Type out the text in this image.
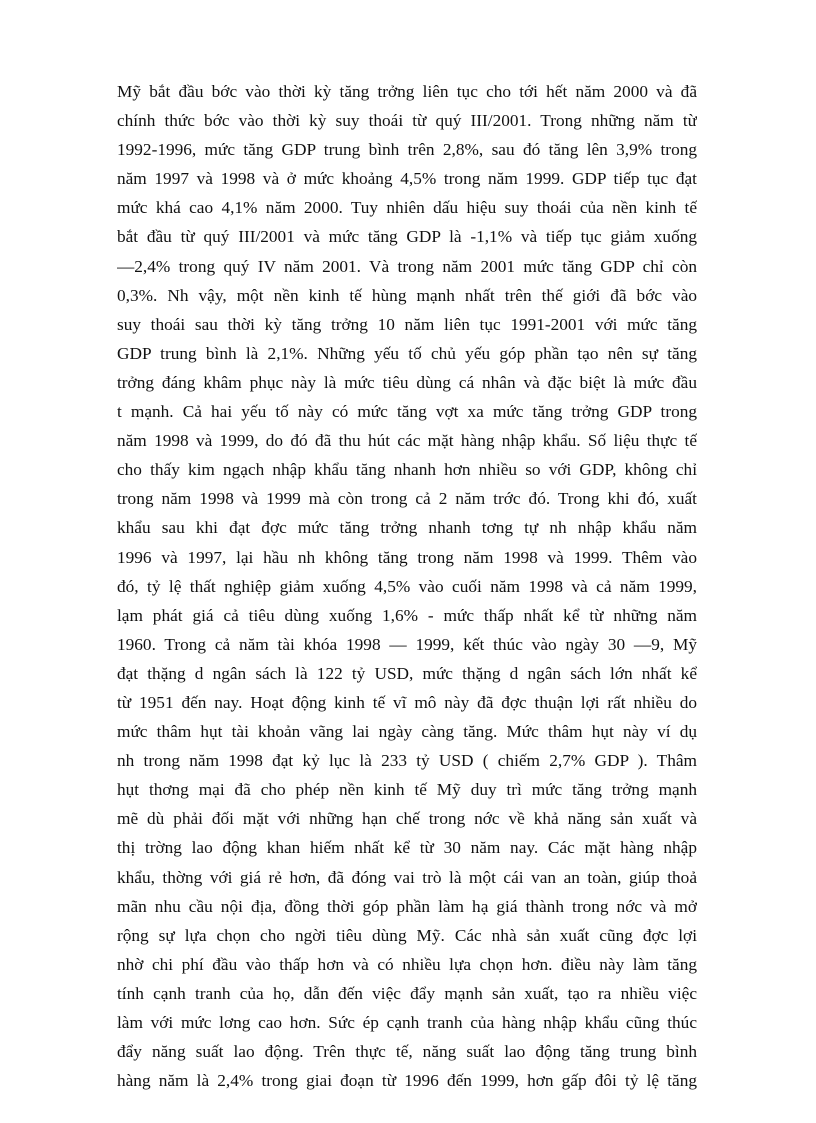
Mỹ bắt đầu bớc vào thời kỳ tăng trởng liên tục cho tới hết năm 2000 và đã
chính thức bớc vào thời kỳ suy thoái từ quý III/2001. Trong những năm từ
1992-1996, mức tăng GDP trung bình trên 2,8%, sau đó tăng lên 3,9% trong
năm 1997 và 1998 và ở mức khoảng 4,5% trong năm 1999. GDP tiếp tục đạt
mức khá cao 4,1% năm 2000. Tuy nhiên dấu hiệu suy thoái của nền kinh tế
bắt đầu từ quý III/2001 và mức tăng GDP là -1,1% và tiếp tục giảm xuống
—2,4% trong quý IV năm 2001. Và trong năm 2001 mức tăng GDP chỉ còn
0,3%. Nh vậy, một nền kinh tế hùng mạnh nhất trên thế giới đã bớc vào
suy thoái sau thời kỳ tăng trởng 10 năm liên tục 1991-2001 với mức tăng
GDP trung bình là 2,1%. Những yếu tố chủ yếu góp phần tạo nên sự tăng
trởng đáng khâm phục này là mức tiêu dùng cá nhân và đặc biệt là mức đầu
t mạnh. Cả hai yếu tố này có mức tăng vợt xa mức tăng trởng GDP trong
năm 1998 và 1999, do đó đã thu hút các mặt hàng nhập khẩu. Số liệu thực tế
cho thấy kim ngạch nhập khẩu tăng nhanh hơn nhiều so với GDP, không chỉ
trong năm 1998 và 1999 mà còn trong cả 2 năm trớc đó. Trong khi đó, xuất
khẩu sau khi đạt đợc mức tăng trởng nhanh tơng tự nh nhập khẩu năm
1996 và 1997, lại hầu nh không tăng trong năm 1998 và 1999. Thêm vào
đó, tỷ lệ thất nghiệp giảm xuống 4,5% vào cuối năm 1998 và cả năm 1999,
lạm phát giá cả tiêu dùng xuống 1,6% - mức thấp nhất kể từ những năm
1960. Trong cả năm tài khóa 1998 — 1999, kết thúc vào ngày 30 —9, Mỹ
đạt thặng d ngân sách là 122 tỷ USD, mức thặng d ngân sách lớn nhất kể
từ 1951 đến nay. Hoạt động kinh tế vĩ mô này đã đợc thuận lợi rất nhiều do
mức thâm hụt tài khoản vãng lai ngày càng tăng. Mức thâm hụt này ví dụ
nh trong năm 1998 đạt kỷ lục là 233 tỷ USD ( chiếm 2,7% GDP ). Thâm
hụt thơng mại đã cho phép nền kinh tế Mỹ duy trì mức tăng trởng mạnh
mẽ dù phải đối mặt với những hạn chế trong nớc về khả năng sản xuất và
thị trờng lao động khan hiếm nhất kể từ 30 năm nay. Các mặt hàng nhập
khẩu, thờng với giá rẻ hơn, đã đóng vai trò là một cái van an toàn, giúp thoả
mãn nhu cầu nội địa, đồng thời góp phần làm hạ giá thành trong nớc và mở
rộng sự lựa chọn cho ngời tiêu dùng Mỹ. Các nhà sản xuất cũng đợc lợi
nhờ chi phí đầu vào thấp hơn và có nhiều lựa chọn hơn. điều này làm tăng
tính cạnh tranh của họ, dẫn đến việc đẩy mạnh sản xuất, tạo ra nhiều việc
làm với mức lơng cao hơn. Sức ép cạnh tranh của hàng nhập khẩu cũng thúc
đẩy năng suất lao động. Trên thực tế, năng suất lao động tăng trung bình
hàng năm là 2,4% trong giai đoạn từ 1996 đến 1999, hơn gấp đôi tỷ lệ tăng
